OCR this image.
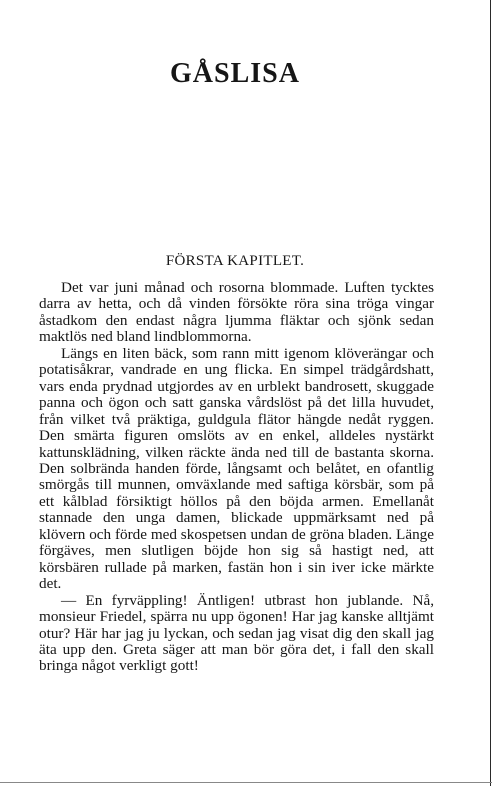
GÅSLISA
FÖRSTA KAPITLET.

Det var juni månad och rosorna blommade. Luften tycktes darra av hetta, och då vinden försökte röra sina tröga vingar åstadkom den endast några ljumma fläktar och sjönk sedan maktlös ned bland lindblommorna.

Längs en liten bäck, som rann mitt igenom klöverängar och potatisåkrar, vandrade en ung flicka. En simpel trädgårdshatt, vars enda prydnad utgjordes av en urblekt bandrosett, skuggade panna och ögon och satt ganska vårdslöst på det lilla huvudet, från vilket två präktiga, guldgula flätor hängde nedåt ryggen. Den smärta figuren omslöts av en enkel, alldeles nystärkt kattunsklädning, vilken räckte ända ned till de bastanta skorna. Den solbrända handen förde, långsamt och belåtet, en ofantlig smörgås till munnen, omväxlande med saftiga körsbär, som på ett kålblad försiktigt höllos på den böjda armen. Emellanåt stannade den unga damen, blickade uppmärksamt ned på klövern och förde med skospetsen undan de gröna bladen. Länge förgäves, men slutligen böjde hon sig så hastigt ned, att körsbären rullade på marken, fastän hon i sin iver icke märkte det.

— En fyrväppling! Äntligen! utbrast hon jublande. Nå, monsieur Friedel, spärra nu upp ögonen! Har jag kanske alltjämt otur? Här har jag ju lyckan, och sedan jag visat dig den skall jag äta upp den. Greta säger att man bör göra det, i fall den skall bringa något verkligt gott!
